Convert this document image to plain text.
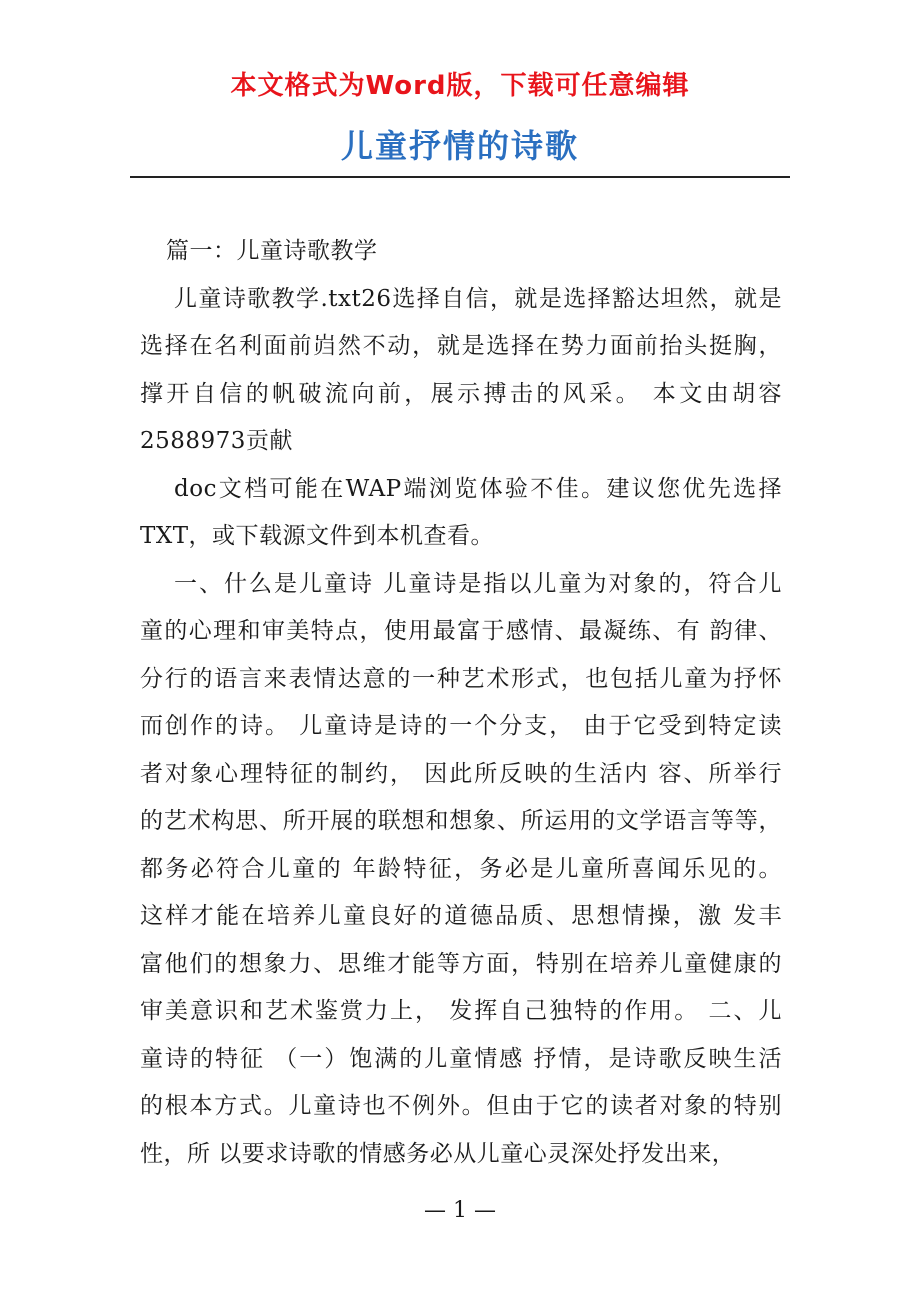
本文格式为Word版，下载可任意编辑
儿童抒情的诗歌

篇一：儿童诗歌教学

儿童诗歌教学.txt26选择自信，就是选择豁达坦然，就是
选择在名利面前岿然不动，就是选择在势力面前抬头挺胸，
撑开自信的帆破流向前，展示搏击的风采。 本文由胡容
2588973贡献

doc文档可能在WAP端浏览体验不佳。建议您优先选择
TXT，或下载源文件到本机查看。

一、什么是儿童诗 儿童诗是指以儿童为对象的，符合儿
童的心理和审美特点，使用最富于感情、最凝练、有 韵律、
分行的语言来表情达意的一种艺术形式，也包括儿童为抒怀
而创作的诗。 儿童诗是诗的一个分支， 由于它受到特定读
者对象心理特征的制约， 因此所反映的生活内 容、所举行
的艺术构思、所开展的联想和想象、所运用的文学语言等等，
都务必符合儿童的 年龄特征，务必是儿童所喜闻乐见的。
这样才能在培养儿童良好的道德品质、思想情操，激 发丰
富他们的想象力、思维才能等方面，特别在培养儿童健康的
审美意识和艺术鉴赏力上， 发挥自己独特的作用。 二、儿
童诗的特征 （一）饱满的儿童情感 抒情，是诗歌反映生活
的根本方式。儿童诗也不例外。但由于它的读者对象的特别
性，所 以要求诗歌的情感务必从儿童心灵深处抒发出来，

— 1 —
